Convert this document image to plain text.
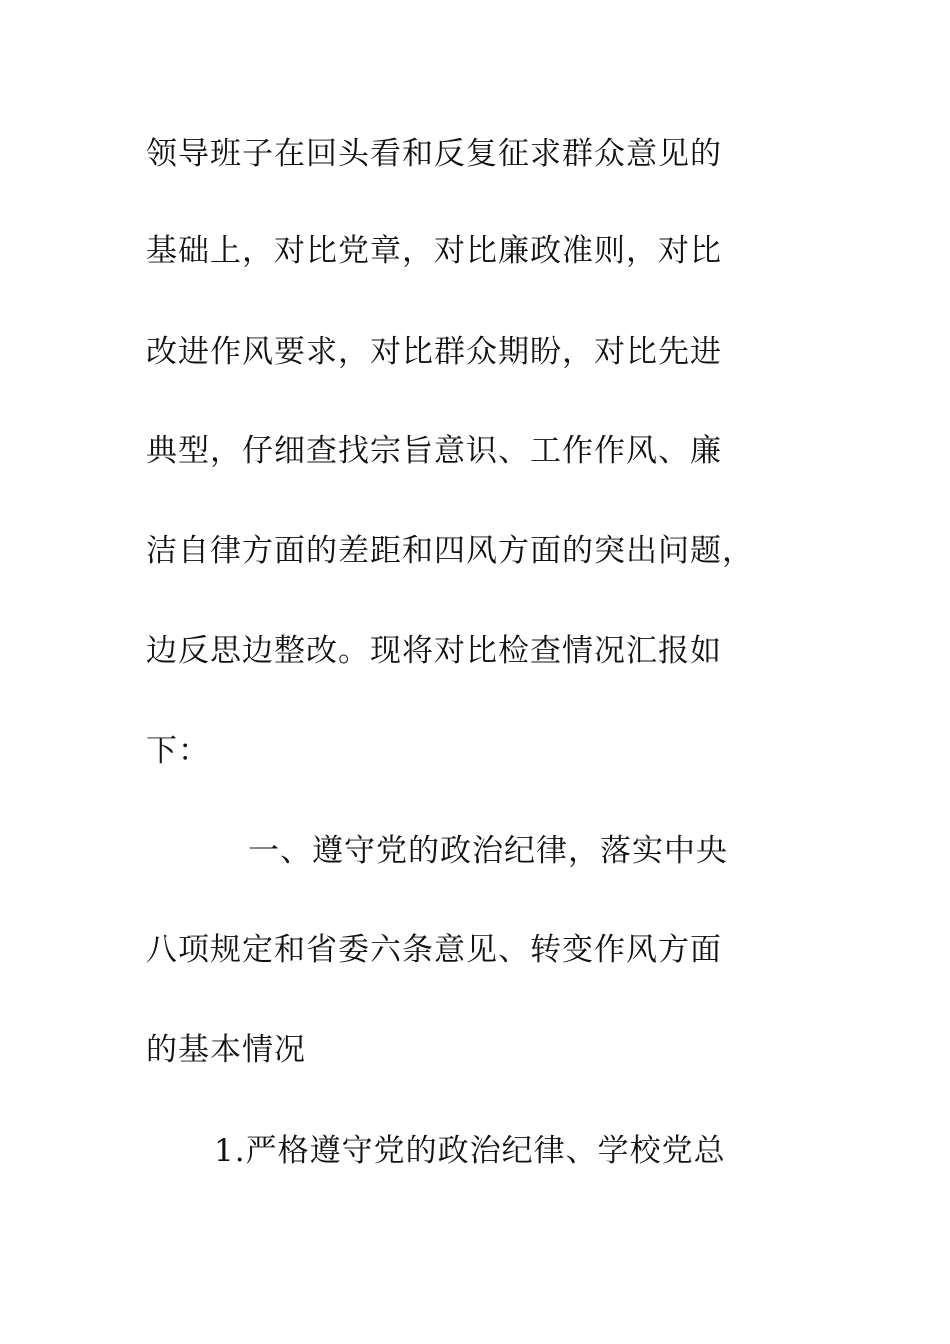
领导班子在回头看和反复征求群众意见的
基础上，对比党章，对比廉政准则，对比
改进作风要求，对比群众期盼，对比先进
典型，仔细查找宗旨意识、工作作风、廉
洁自律方面的差距和四风方面的突出问题，
边反思边整改。现将对比检查情况汇报如
下：
一、遵守党的政治纪律，落实中央
八项规定和省委六条意见、转变作风方面
的基本情况
1.严格遵守党的政治纪律、学校党总
